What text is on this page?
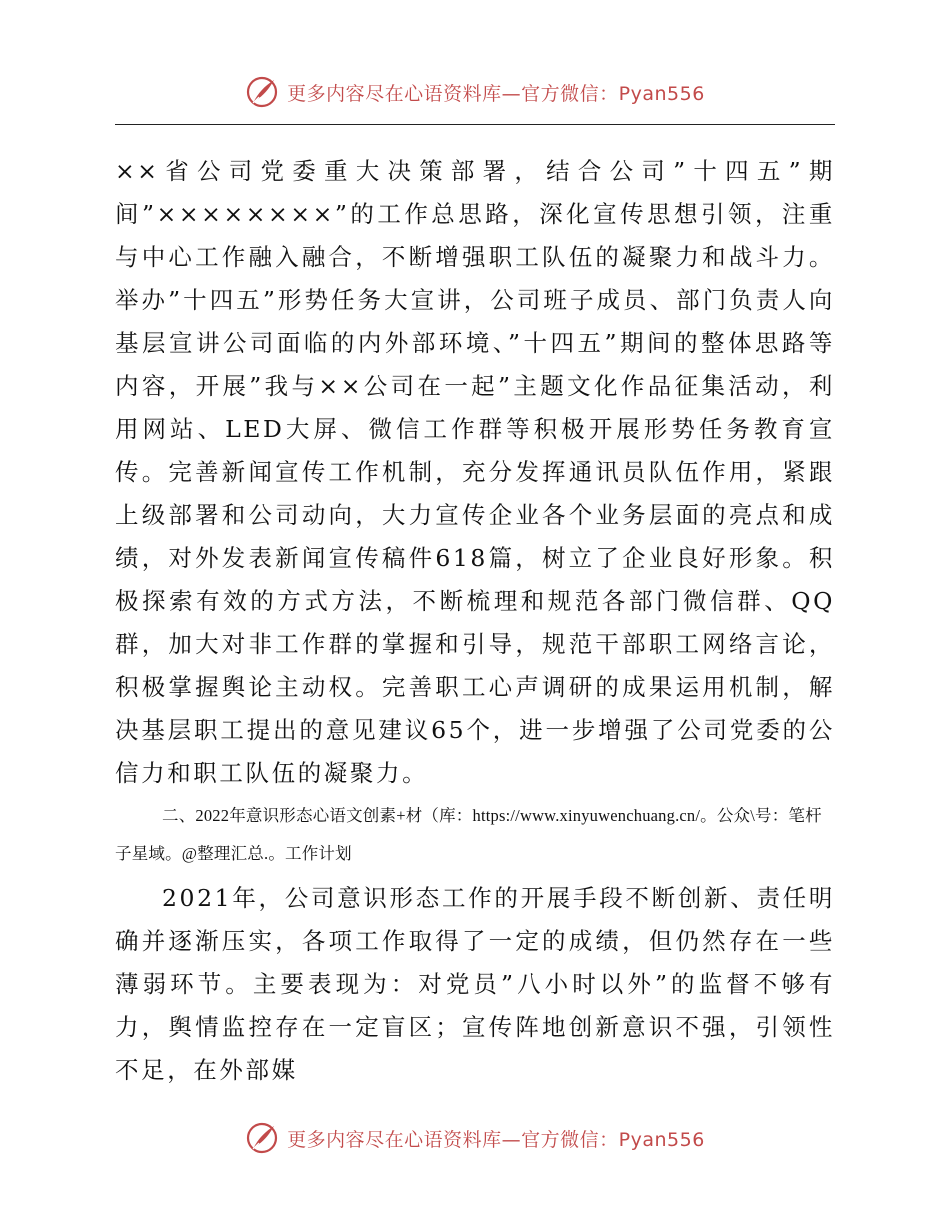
更多内容尽在心语资料库—官方微信：Pyan556

××省公司党委重大决策部署，结合公司”十四五”期间”××××××××”的工作总思路，深化宣传思想引领，注重与中心工作融入融合，不断增强职工队伍的凝聚力和战斗力。举办”十四五”形势任务大宣讲，公司班子成员、部门负责人向基层宣讲公司面临的内外部环境、”十四五”期间的整体思路等内容，开展”我与××公司在一起”主题文化作品征集活动，利用网站、LED大屏、微信工作群等积极开展形势任务教育宣传。完善新闻宣传工作机制，充分发挥通讯员队伍作用，紧跟上级部署和公司动向，大力宣传企业各个业务层面的亮点和成绩，对外发表新闻宣传稿件618篇，树立了企业良好形象。积极探索有效的方式方法，不断梳理和规范各部门微信群、QQ群，加大对非工作群的掌握和引导，规范干部职工网络言论，积极掌握舆论主动权。完善职工心声调研的成果运用机制，解决基层职工提出的意见建议65个，进一步增强了公司党委的公信力和职工队伍的凝聚力。

二、2022年意识形态心语文创素+材（库：https://www.xinyuwenchuang.cn/。公众\号：笔杆子星域。@整理汇总.。工作计划

2021年，公司意识形态工作的开展手段不断创新、责任明确并逐渐压实，各项工作取得了一定的成绩，但仍然存在一些薄弱环节。主要表现为：对党员”八小时以外”的监督不够有力，舆情监控存在一定盲区；宣传阵地创新意识不强，引领性不足，在外部媒

更多内容尽在心语资料库—官方微信：Pyan556
